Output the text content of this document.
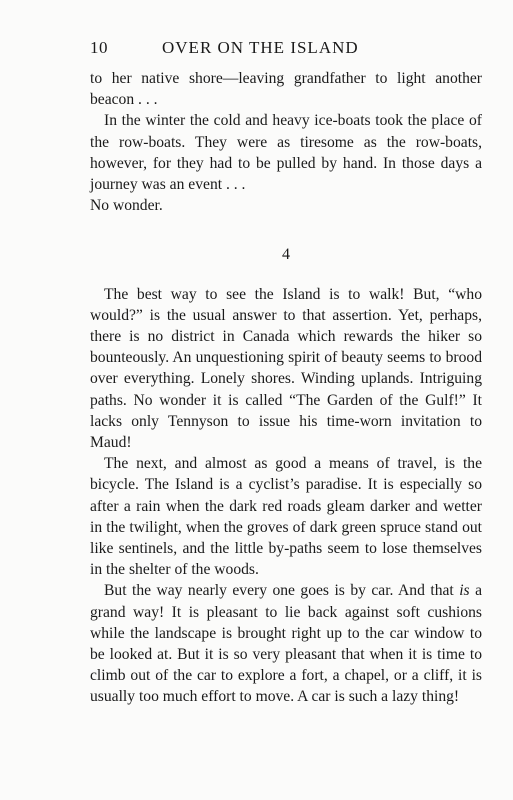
10	OVER ON THE ISLAND

to her native shore—leaving grandfather to light another beacon . . .

In the winter the cold and heavy ice-boats took the place of the row-boats. They were as tiresome as the row-boats, however, for they had to be pulled by hand. In those days a journey was an event . . .
No wonder.

4

The best way to see the Island is to walk! But, “who would?” is the usual answer to that assertion. Yet, perhaps, there is no district in Canada which rewards the hiker so bounteously. An unquestioning spirit of beauty seems to brood over everything. Lonely shores. Winding uplands. Intriguing paths. No wonder it is called “The Garden of the Gulf!” It lacks only Tennyson to issue his time-worn invitation to Maud!

The next, and almost as good a means of travel, is the bicycle. The Island is a cyclist’s paradise. It is especially so after a rain when the dark red roads gleam darker and wetter in the twilight, when the groves of dark green spruce stand out like sentinels, and the little by-paths seem to lose themselves in the shelter of the woods.

But the way nearly every one goes is by car. And that is a grand way! It is pleasant to lie back against soft cushions while the landscape is brought right up to the car window to be looked at. But it is so very pleasant that when it is time to climb out of the car to explore a fort, a chapel, or a cliff, it is usually too much effort to move. A car is such a lazy thing!
